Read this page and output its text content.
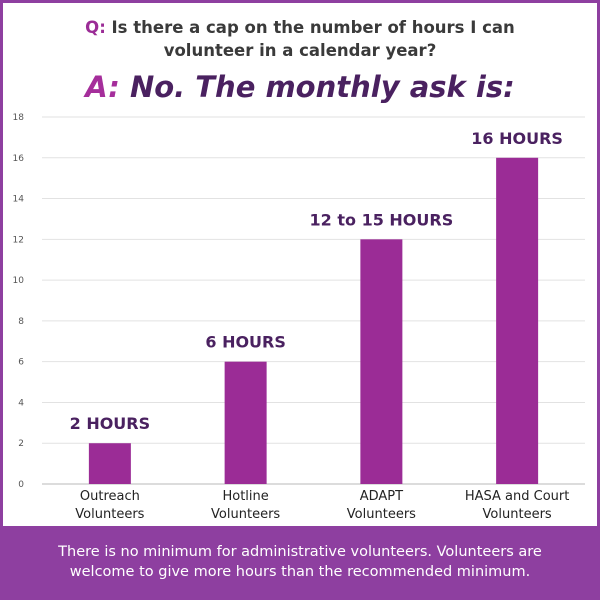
Q: Is there a cap on the number of hours I can
volunteer in a calendar year?
A: No. The monthly ask is:
0
2
4
6
8
10
12
14
16
18
2 HOURS
Outreach Volunteers
6 HOURS
Hotline Volunteers
12 to 15 HOURS
ADAPT Volunteers
16 HOURS
HASA and Court Volunteers
There is no minimum for administrative volunteers. Volunteers are
welcome to give more hours than the recommended minimum.
